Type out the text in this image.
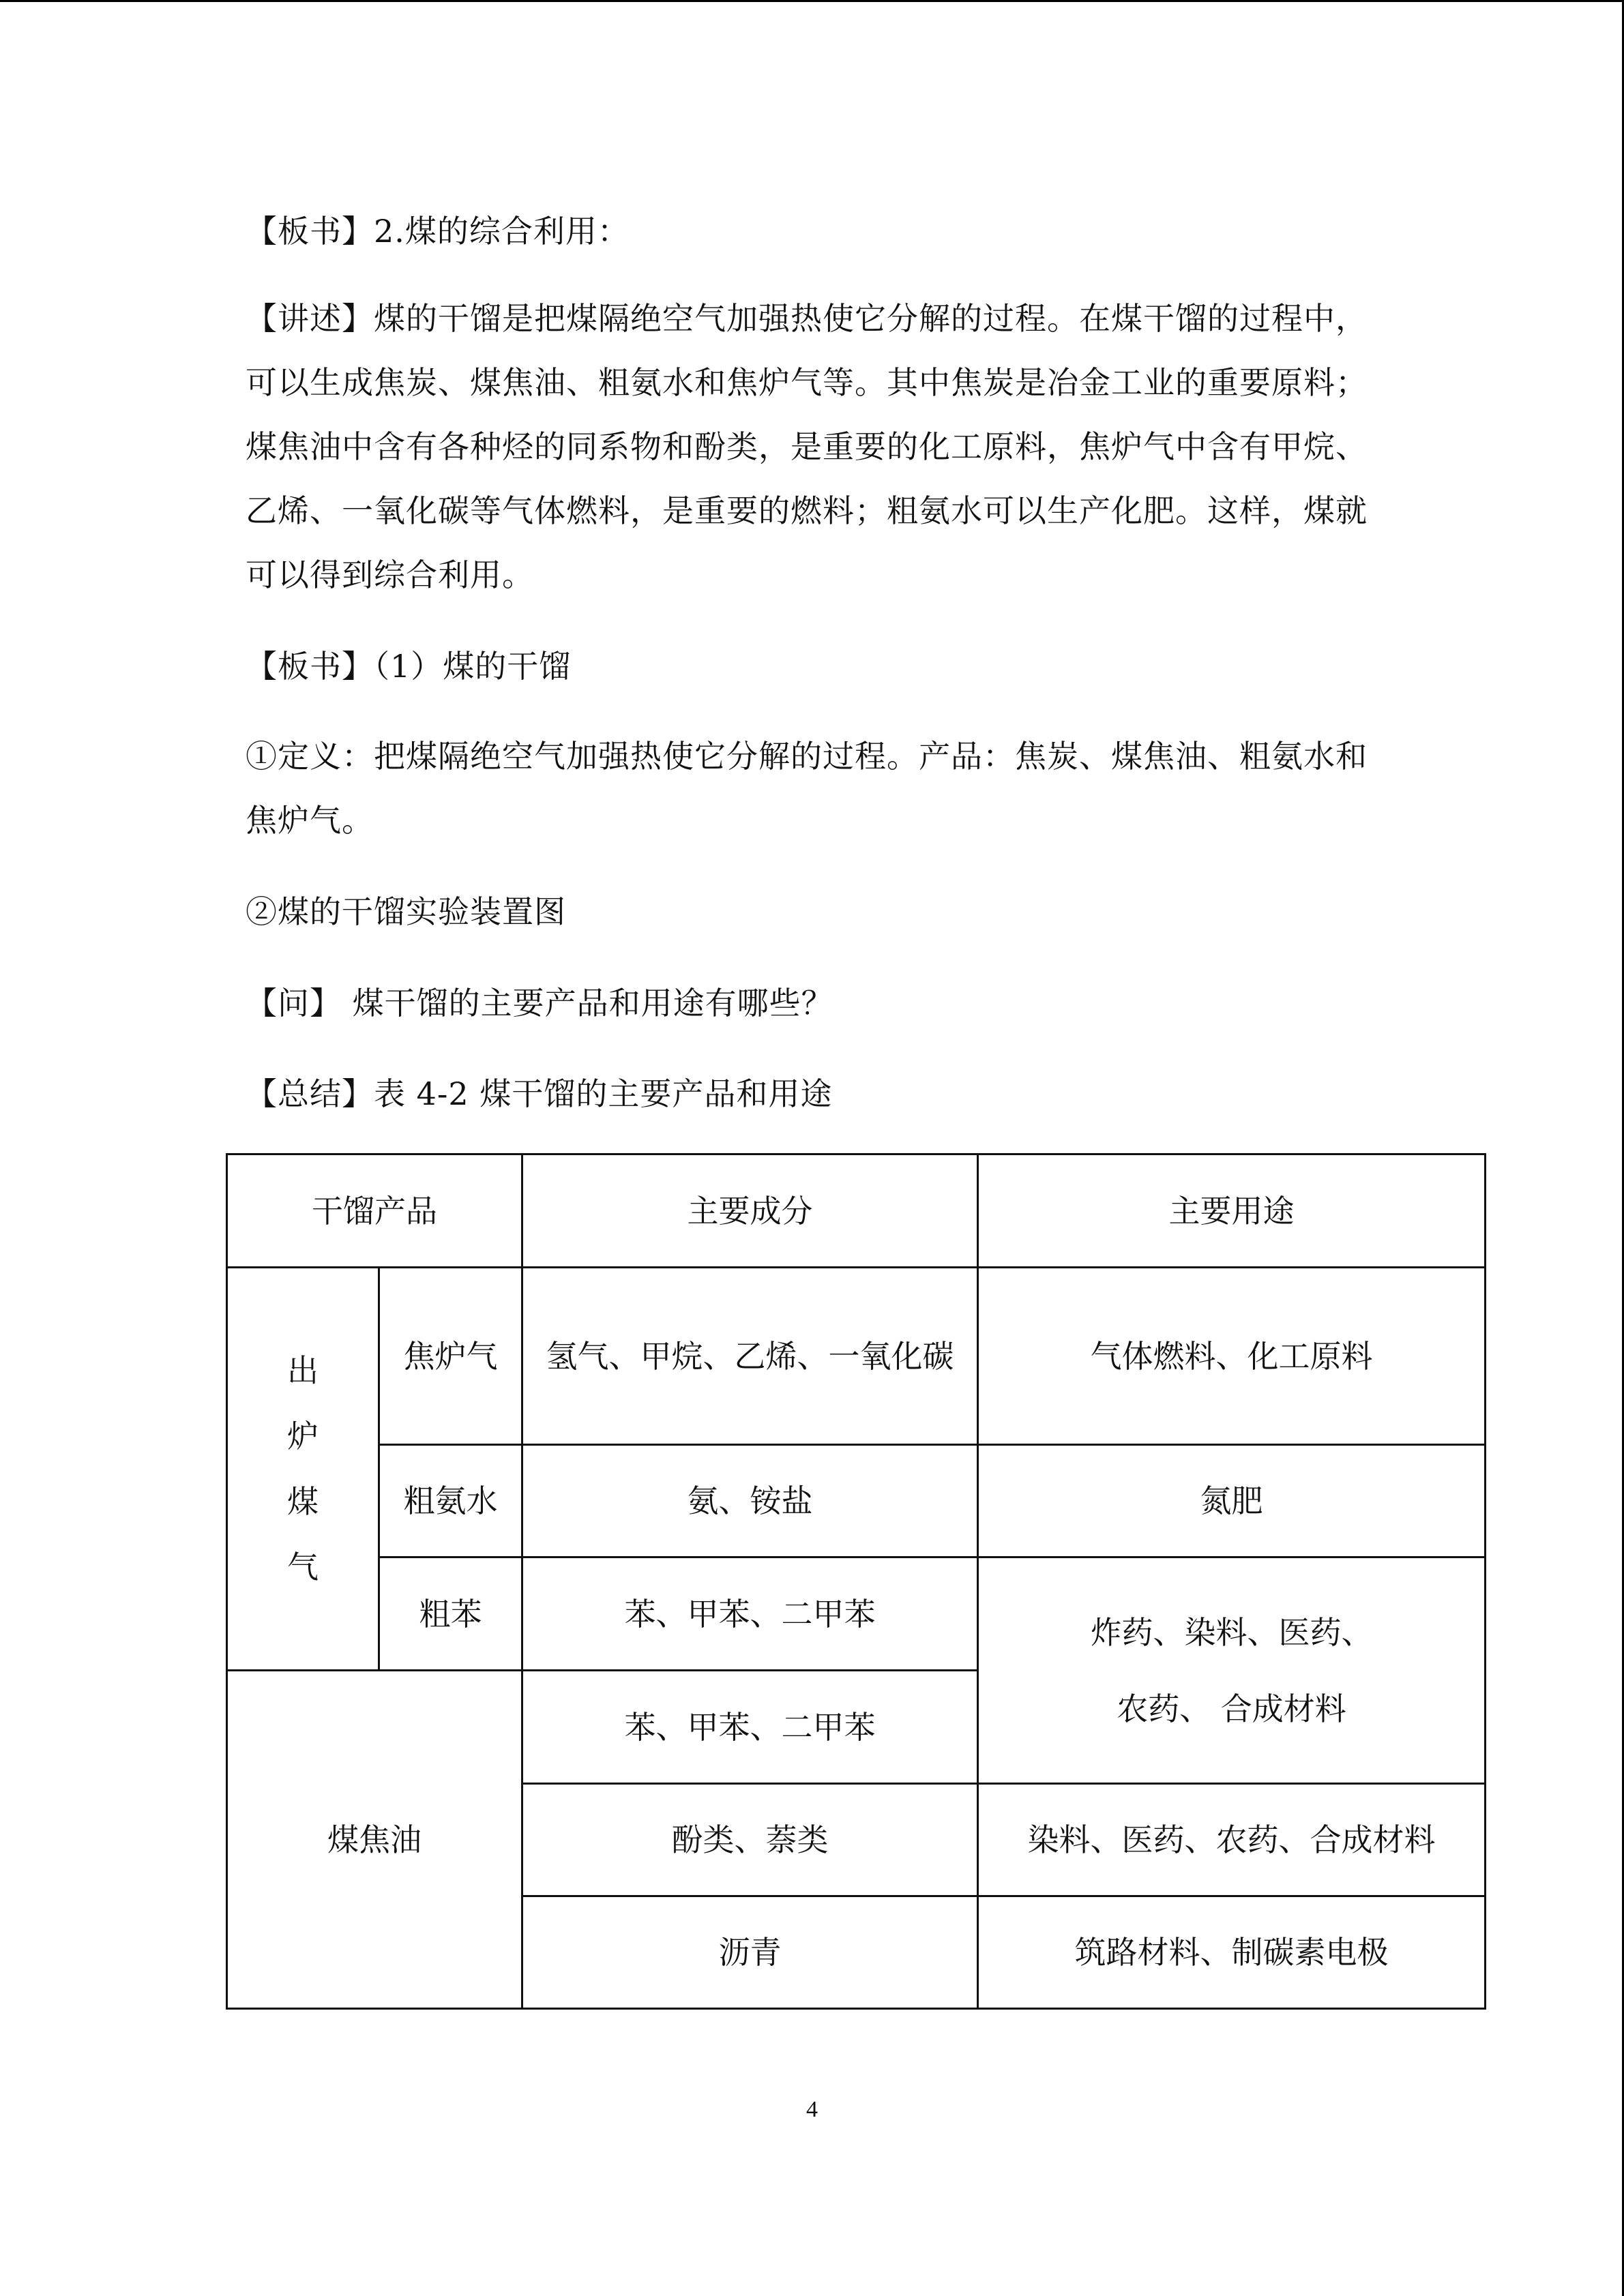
【板书】2.煤的综合利用：

【讲述】煤的干馏是把煤隔绝空气加强热使它分解的过程。在煤干馏的过程中，可以生成焦炭、煤焦油、粗氨水和焦炉气等。其中焦炭是冶金工业的重要原料；煤焦油中含有各种烃的同系物和酚类，是重要的化工原料，焦炉气中含有甲烷、乙烯、一氧化碳等气体燃料，是重要的燃料；粗氨水可以生产化肥。这样，煤就可以得到综合利用。

【板书】（1）煤的干馏

①定义：把煤隔绝空气加强热使它分解的过程。产品：焦炭、煤焦油、粗氨水和焦炉气。

②煤的干馏实验装置图

【问】 煤干馏的主要产品和用途有哪些？

【总结】表 4-2 煤干馏的主要产品和用途

干馏产品		主要成分	主要用途
出炉煤气	焦炉气	氢气、甲烷、乙烯、一氧化碳	气体燃料、化工原料
	粗氨水	氨、铵盐	氮肥
	粗苯	苯、甲苯、二甲苯	炸药、染料、医药、
农药、 合成材料

煤焦油		苯、甲苯、二甲苯	
		酚类、萘类	染料、医药、农药、合成材料
		沥青	筑路材料、制碳素电极
4
